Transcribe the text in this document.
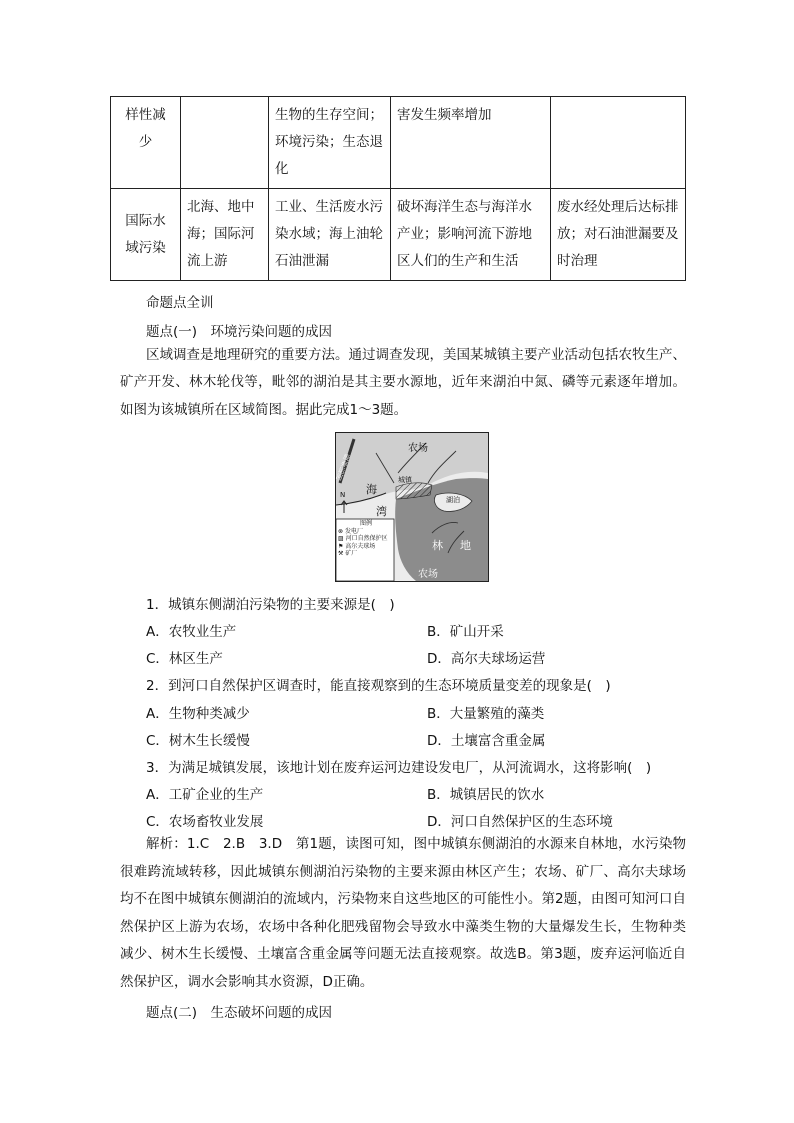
样性减少		生物的生存空间；环境污染；生态退化	害发生频率增加	
国际水域污染	北海、地中海；国际河流上游	工业、生活废水污染水域；海上油轮石油泄漏	破坏海洋生态与海洋水产业；影响河流下游地区人们的生产和生活	废水经处理后达标排放；对石油泄漏要及时治理
命题点全训
题点(一)　环境污染问题的成因
区域调查是地理研究的重要方法。通过调查发现，美国某城镇主要产业活动包括农牧生产、矿产开发、林木轮伐等，毗邻的湖泊是其主要水源地，近年来湖泊中氮、磷等元素逐年增加。如图为该城镇所在区域简图。据此完成1～3题。
农场
废弃运河
海
湾
城镇
湖泊
林 地
农场
N
图例
⊗ 发电厂
▨ 河口自然保护区
⚑ 高尔夫球场
⚒ 矿厂
1．城镇东侧湖泊污染物的主要来源是(　)
A．农牧业生产	B．矿山开采
C．林区生产	D．高尔夫球场运营
2．到河口自然保护区调查时，能直接观察到的生态环境质量变差的现象是(　)
A．生物种类减少	B．大量繁殖的藻类
C．树木生长缓慢	D．土壤富含重金属
3．为满足城镇发展，该地计划在废弃运河边建设发电厂，从河流调水，这将影响(　)
A．工矿企业的生产	B．城镇居民的饮水
C．农场畜牧业发展	D．河口自然保护区的生态环境
解析：1.C　2.B　3.D　第1题，读图可知，图中城镇东侧湖泊的水源来自林地，水污染物很难跨流域转移，因此城镇东侧湖泊污染物的主要来源由林区产生；农场、矿厂、高尔夫球场均不在图中城镇东侧湖泊的流域内，污染物来自这些地区的可能性小。第2题，由图可知河口自然保护区上游为农场，农场中各种化肥残留物会导致水中藻类生物的大量爆发生长，生物种类减少、树木生长缓慢、土壤富含重金属等问题无法直接观察。故选B。第3题，废弃运河临近自然保护区，调水会影响其水资源，D正确。
题点(二)　生态破坏问题的成因
